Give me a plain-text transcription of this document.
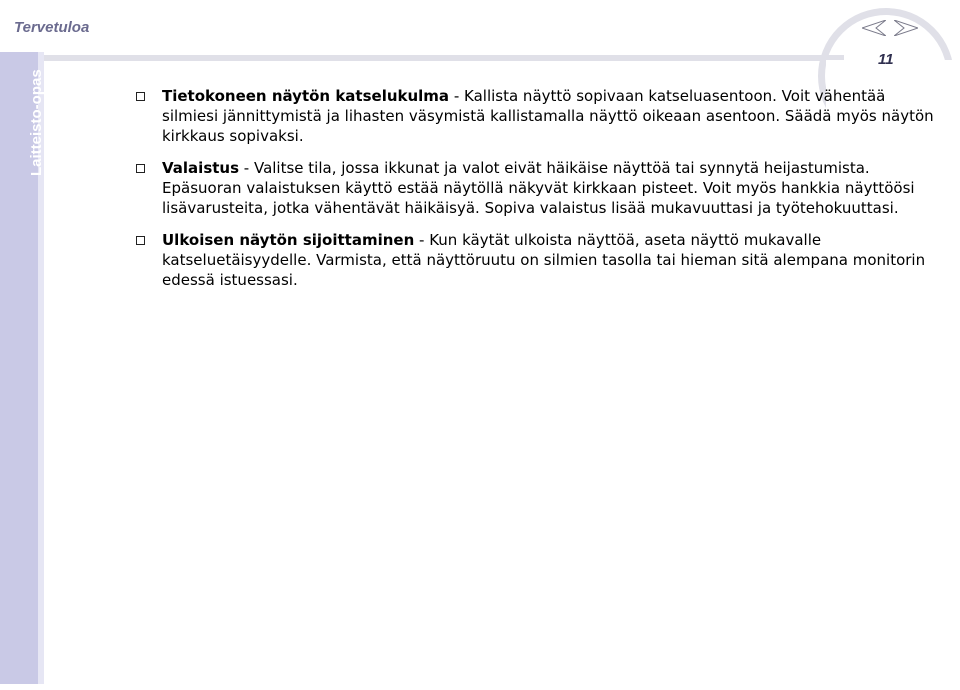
Tervetuloa
Laitteisto-opas
11
Tietokoneen näytön katselukulma - Kallista näyttö sopivaan katseluasentoon. Voit vähentää silmiesi jännittymistä ja lihasten väsymistä kallistamalla näyttö oikeaan asentoon. Säädä myös näytön kirkkaus sopivaksi.
Valaistus - Valitse tila, jossa ikkunat ja valot eivät häikäise näyttöä tai synnytä heijastumista. Epäsuoran valaistuksen käyttö estää näytöllä näkyvät kirkkaan pisteet. Voit myös hankkia näyttöösi lisävarusteita, jotka vähentävät häikäisyä. Sopiva valaistus lisää mukavuuttasi ja työtehokuuttasi.
Ulkoisen näytön sijoittaminen - Kun käytät ulkoista näyttöä, aseta näyttö mukavalle katseluetäisyydelle. Varmista, että näyttöruutu on silmien tasolla tai hieman sitä alempana monitorin edessä istuessasi.
